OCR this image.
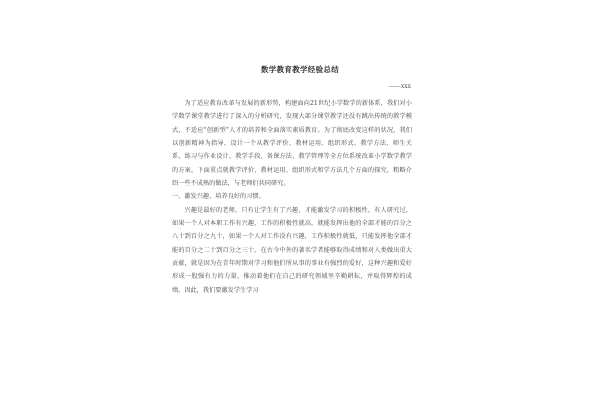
数学教育教学经验总结
——xxx

为了适应教育改革与发展的新形势，构建面向21世纪小学数学的新体系，我们对小学数学课堂教学进行了深入的分析研究，发现大部分课堂教学还没有跳出传统的教学模式，不适应“创新型”人才的培养和全面落实素质教育。为了彻底改变这样的状况，我们以创新精神为指导，设计一个从教学评价、教材运用、组织形式、教学方法、师生关系、练习与作业设计、教学手段、备课方法、教学管理等全方位系统改革小学数学教学的方案。下面重点就教学评价、教材运用、组织形式和学方法几个方面的探究，粗略介绍一些不成熟的做法，与老师们共同研究。

一、激发兴趣，培养良好的习惯。

兴趣是最好的老师，只有让学生有了兴趣，才能激发学习的积极性，有人研究过，如果一个人对本职工作有兴趣，工作的积极性就高，就能发挥出他的全部才能的百分之八十到百分之九十，如果一个人对工作没有兴趣，工作积极性就低，只能发挥他全部才能的百分之二十到百分之三十。在古今中外的著名学者能够取得成绩和对人类做出重大贡献，就是因为在青年时期对学习和他们所从事的事业有强烈的爱好，这种兴趣和爱好形成一股强有力的力量，推动着他们在自己的研究领域里辛勤耕耘，并取得辉煌的成绩。因此，我们要激发学生学习
